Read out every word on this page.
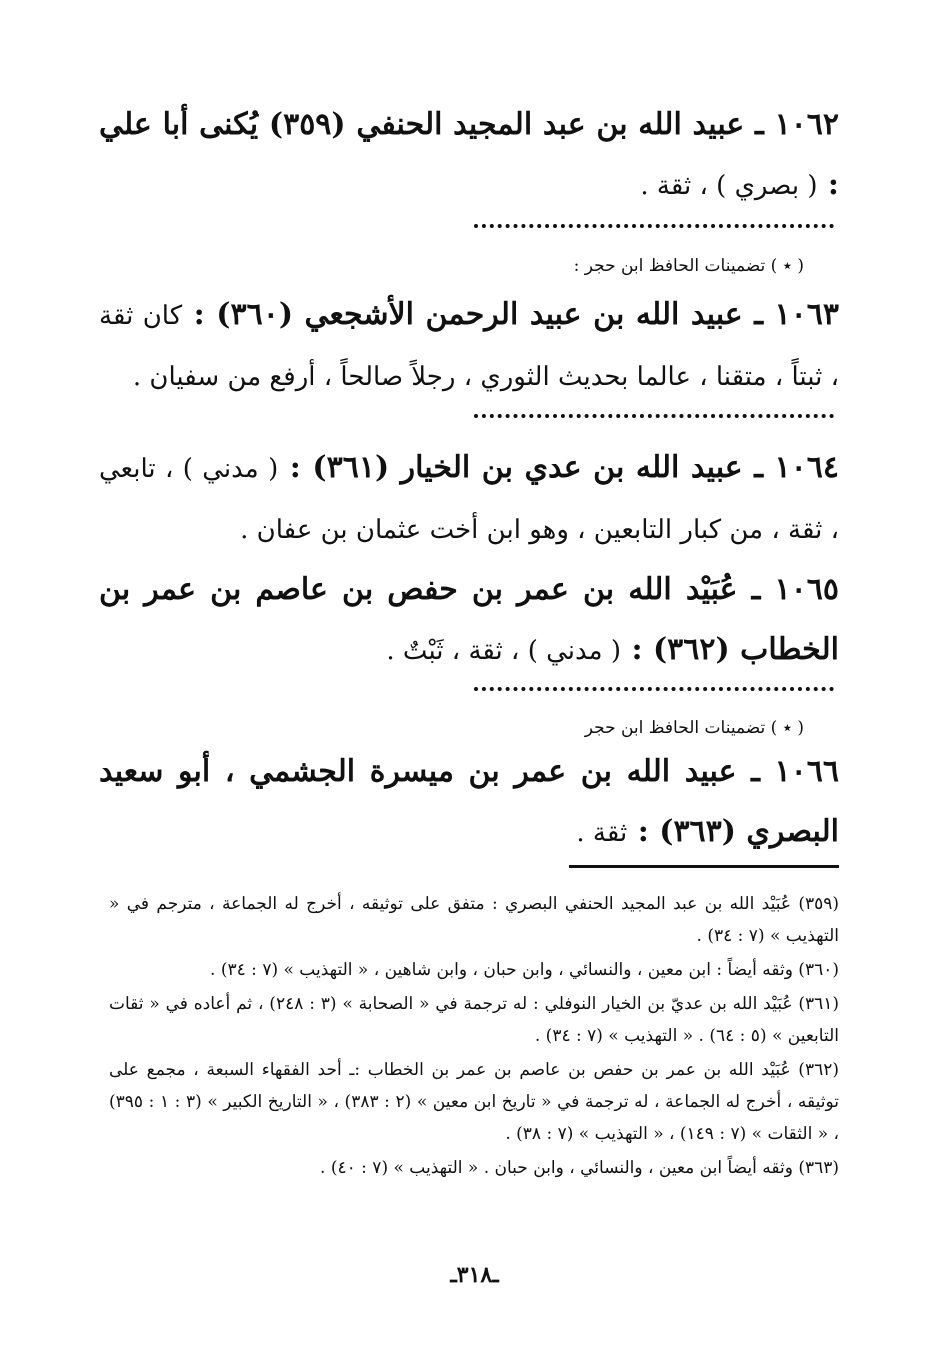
١٠٦٢ ـ عبيد الله بن عبد المجيد الحنفي (٣٥٩) يُكنى أبا علي : ( بصري ) ، ثقة .
( ٭ ) تضمينات الحافظ ابن حجر :
١٠٦٣ ـ عبيد الله بن عبيد الرحمن الأشجعي (٣٦٠) : كان ثقة ، ثبتاً ، متقنا ، عالما بحديث الثوري ، رجلاً صالحاً ، أرفع من سفيان .
١٠٦٤ ـ عبيد الله بن عدي بن الخيار (٣٦١) : ( مدني ) ، تابعي ، ثقة ، من كبار التابعين ، وهو ابن أخت عثمان بن عفان .
١٠٦٥ ـ عُبَيْد الله بن عمر بن حفص بن عاصم بن عمر بن الخطاب (٣٦٢) : ( مدني ) ، ثقة ، ثَبْتٌ .
( ٭ ) تضمينات الحافظ ابن حجر
١٠٦٦ ـ عبيد الله بن عمر بن ميسرة الجشمي ، أبو سعيد البصري (٣٦٣) : ثقة .

(٣٥٩) عُبَيْد الله بن عبد المجيد الحنفي البصري : متفق على توثيقه ، أخرج له الجماعة ، مترجم في « التهذيب » (٧ : ٣٤) .

(٣٦٠) وثقه أيضاً : ابن معين ، والنسائي ، وابن حبان ، وابن شاهين ، « التهذيب » (٧ : ٣٤) .

(٣٦١) عُبَيْد الله بن عديّ بن الخيار النوفلي : له ترجمة في « الصحابة » (٣ : ٢٤٨) ، ثم أعاده في « ثقات التابعين » (٥ : ٦٤) . « التهذيب » (٧ : ٣٤) .

(٣٦٢) عُبَيْد الله بن عمر بن حفص بن عاصم بن عمر بن الخطاب :ـ أحد الفقهاء السبعة ، مجمع على توثيقه ، أخرج له الجماعة ، له ترجمة في « تاريخ ابن معين » (٢ : ٣٨٣) ، « التاريخ الكبير » (٣ : ١ : ٣٩٥) ، « الثقات » (٧ : ١٤٩) ، « التهذيب » (٧ : ٣٨) .

(٣٦٣) وثقه أيضاً ابن معين ، والنسائي ، وابن حبان . « التهذيب » (٧ : ٤٠) .

ـ٣١٨ـ
